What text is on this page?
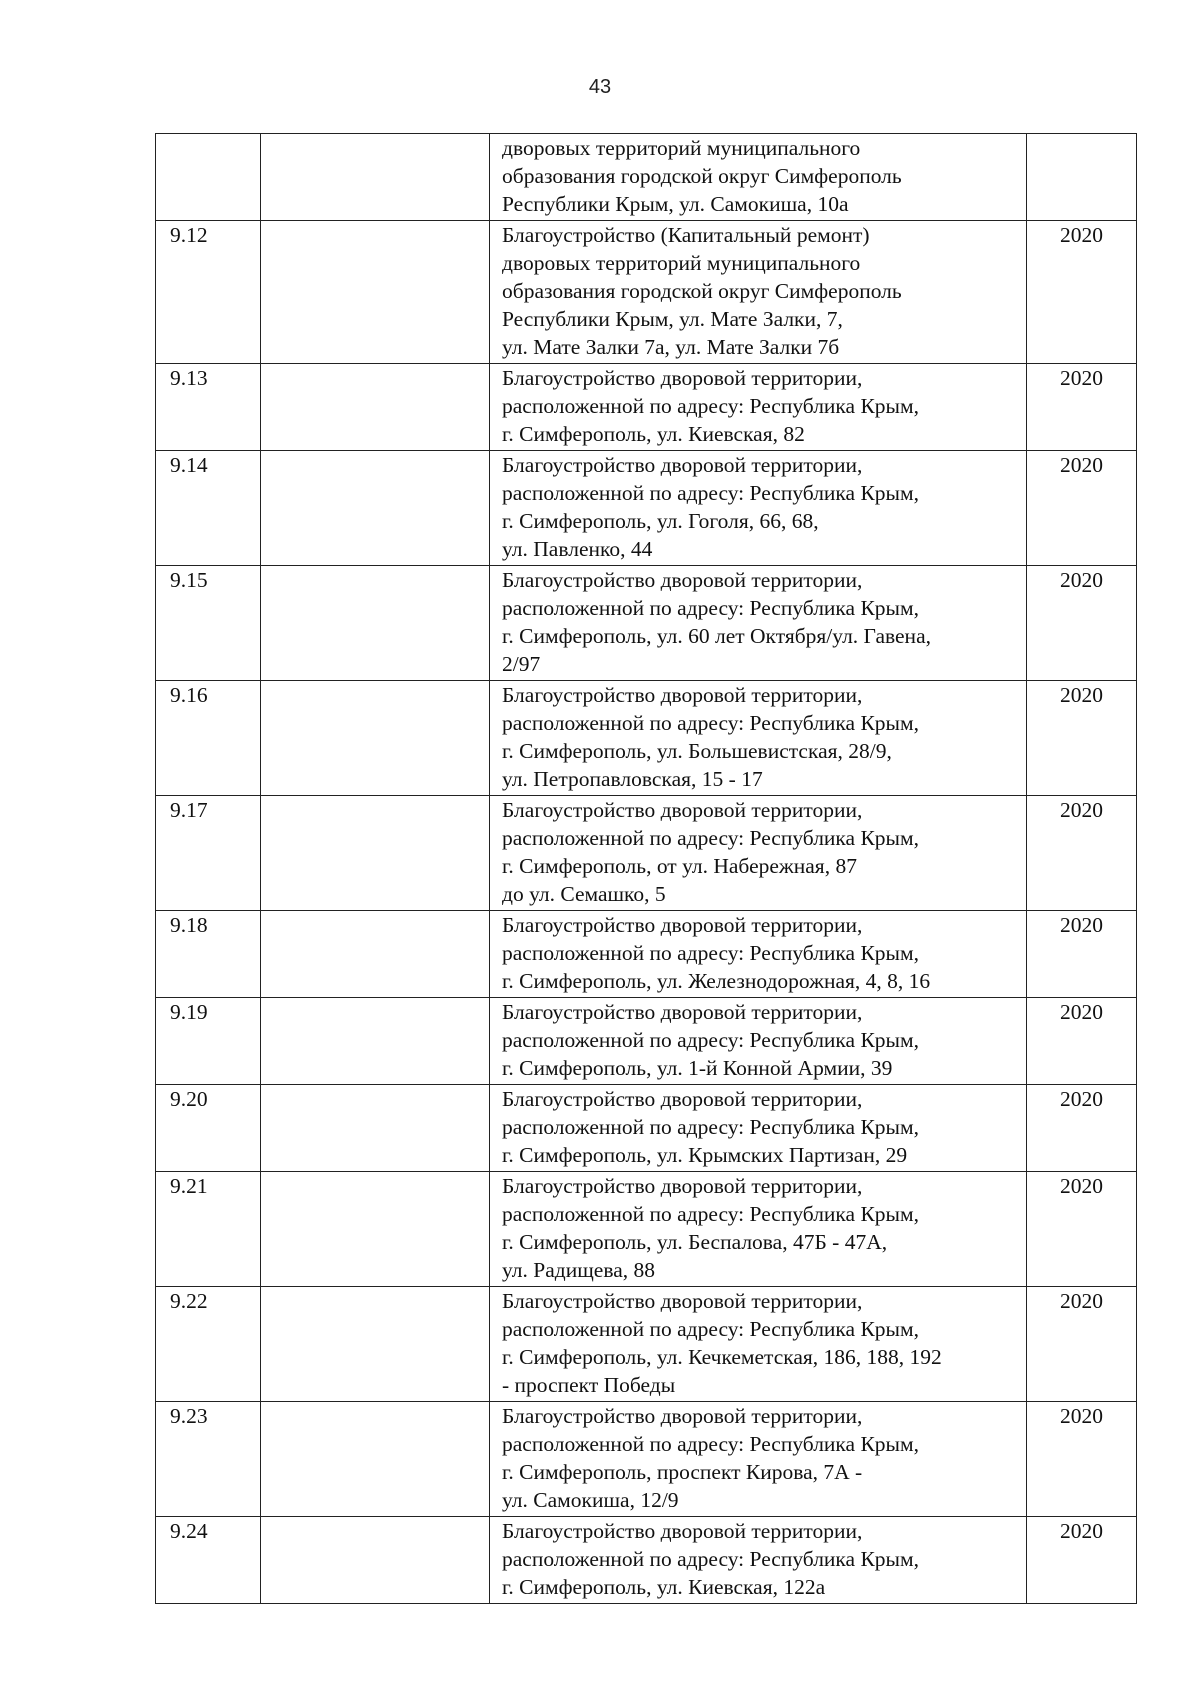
43

		дворовых территорий муниципального
образования городской округ Симферополь
Республики Крым, ул. Самокиша, 10а	

9.12		Благоустройство (Капитальный ремонт)
дворовых территорий муниципального
образования городской округ Симферополь
Республики Крым, ул. Мате Залки, 7,
ул. Мате Залки 7а, ул. Мате Залки 7б	2020
9.13		Благоустройство дворовой территории,
расположенной по адресу: Республика Крым,
г. Симферополь, ул. Киевская, 82	2020
9.14		Благоустройство дворовой территории,
расположенной по адресу: Республика Крым,
г. Симферополь, ул. Гоголя, 66, 68,
ул. Павленко, 44	2020
9.15		Благоустройство дворовой территории,
расположенной по адресу: Республика Крым,
г. Симферополь, ул. 60 лет Октября/ул. Гавена,
2/97	2020
9.16		Благоустройство дворовой территории,
расположенной по адресу: Республика Крым,
г. Симферополь, ул. Большевистская, 28/9,
ул. Петропавловская, 15 - 17	2020
9.17		Благоустройство дворовой территории,
расположенной по адресу: Республика Крым,
г. Симферополь, от ул. Набережная, 87
до ул. Семашко, 5	2020
9.18		Благоустройство дворовой территории,
расположенной по адресу: Республика Крым,
г. Симферополь, ул. Железнодорожная, 4, 8, 16	2020
9.19		Благоустройство дворовой территории,
расположенной по адресу: Республика Крым,
г. Симферополь, ул. 1-й Конной Армии, 39	2020
9.20		Благоустройство дворовой территории,
расположенной по адресу: Республика Крым,
г. Симферополь, ул. Крымских Партизан, 29	2020
9.21		Благоустройство дворовой территории,
расположенной по адресу: Республика Крым,
г. Симферополь, ул. Беспалова, 47Б - 47А,
ул. Радищева, 88	2020
9.22		Благоустройство дворовой территории,
расположенной по адресу: Республика Крым,
г. Симферополь, ул. Кечкеметская, 186, 188, 192
- проспект Победы	2020
9.23		Благоустройство дворовой территории,
расположенной по адресу: Республика Крым,
г. Симферополь, проспект Кирова, 7А -
ул. Самокиша, 12/9	2020
9.24		Благоустройство дворовой территории,
расположенной по адресу: Республика Крым,
г. Симферополь, ул. Киевская, 122а	2020
